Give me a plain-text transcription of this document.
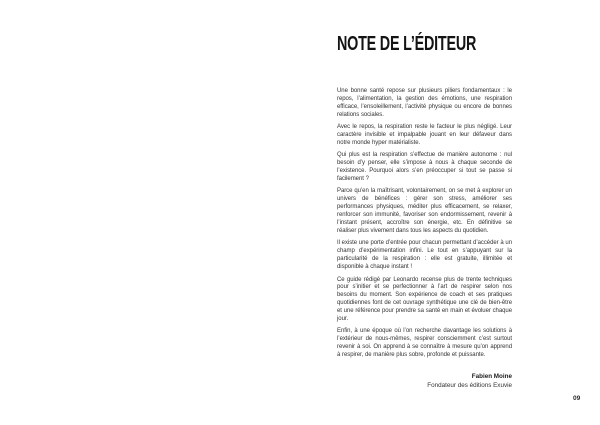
NOTE DE L’ÉDITEUR

Une bonne santé repose sur plusieurs piliers fondamentaux : le repos, l’alimentation, la gestion des émotions, une respiration efficace, l’ensoleillement, l’activité physique ou encore de bonnes relations sociales.

Avec le repos, la respiration reste le facteur le plus négligé. Leur caractère invisible et impalpable jouant en leur défaveur dans notre monde hyper matérialiste.

Qui plus est la respiration s’effectue de manière autonome : nul besoin d’y penser, elle s’impose à nous à chaque seconde de l’existence. Pourquoi alors s’en préoccuper si tout se passe si facilement ?

Parce qu’en la maîtrisant, volontairement, on se met à explorer un univers de bénéfices : gérer son stress, améliorer ses performances physiques, méditer plus efficacement, se relaxer, renforcer son immunité, favoriser son endormissement, revenir à l’instant présent, accroître son énergie, etc. En définitive se réaliser plus vivement dans tous les aspects du quotidien.

Il existe une porte d’entrée pour chacun permettant d’accéder à un champ d’expérimentation infini. Le tout en s’appuyant sur la particularité de la respiration : elle est gratuite, illimitée et disponible à chaque instant !

Ce guide rédigé par Leonardo recense plus de trente techniques pour s’initier et se perfectionner à l’art de respirer selon nos besoins du moment. Son expérience de coach et ses pratiques quotidiennes font de cet ouvrage synthétique une clé de bien-être et une référence pour prendre sa santé en main et évoluer chaque jour.

Enfin, à une époque où l’on recherche davantage les solutions à l’extérieur de nous-mêmes, respirer consciemment c’est surtout revenir à soi. On apprend à se connaître à mesure qu’on apprend à respirer, de manière plus sobre, profonde et puissante.

Fabien Moine
Fondateur des éditions Exuvie
09
